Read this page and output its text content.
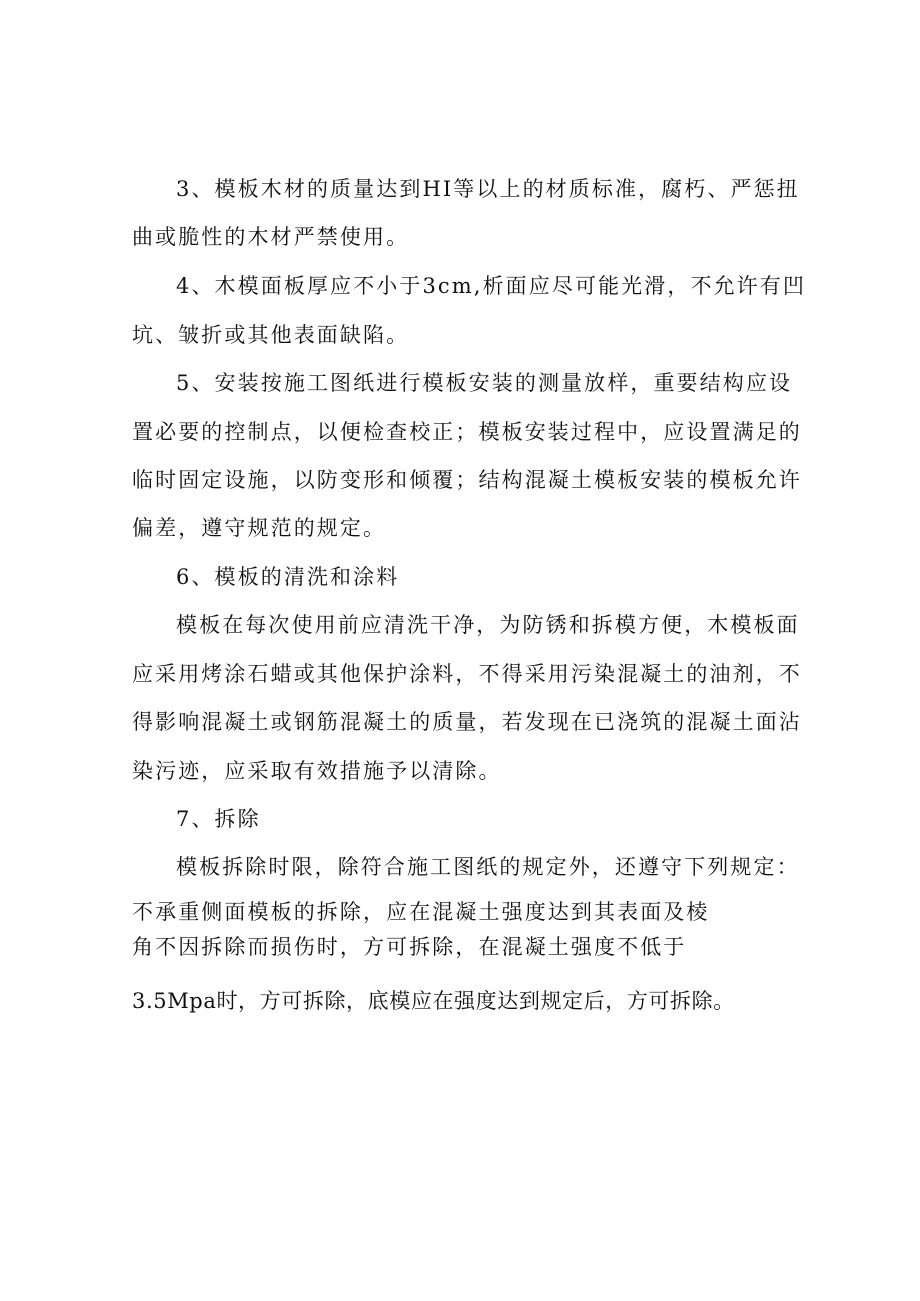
3、模板木材的质量达到HI等以上的材质标准，腐朽、严惩扭

曲或脆性的木材严禁使用。

4、木模面板厚应不小于3cm,析面应尽可能光滑，不允许有凹

坑、皱折或其他表面缺陷。

5、安装按施工图纸进行模板安装的测量放样，重要结构应设

置必要的控制点，以便检查校正；模板安装过程中，应设置满足的

临时固定设施，以防变形和倾覆；结构混凝土模板安装的模板允许

偏差，遵守规范的规定。

6、模板的清洗和涂料

模板在每次使用前应清洗干净，为防锈和拆模方便，木模板面

应采用烤涂石蜡或其他保护涂料，不得采用污染混凝土的油剂，不

得影响混凝土或钢筋混凝土的质量，若发现在已浇筑的混凝土面沾

染污迹，应采取有效措施予以清除。

7、拆除

模板拆除时限，除符合施工图纸的规定外，还遵守下列规定：

不承重侧面模板的拆除，应在混凝土强度达到其表面及棱

角不因拆除而损伤时，方可拆除，在混凝土强度不低于

3.5Mpa时，方可拆除，底模应在强度达到规定后，方可拆除。
